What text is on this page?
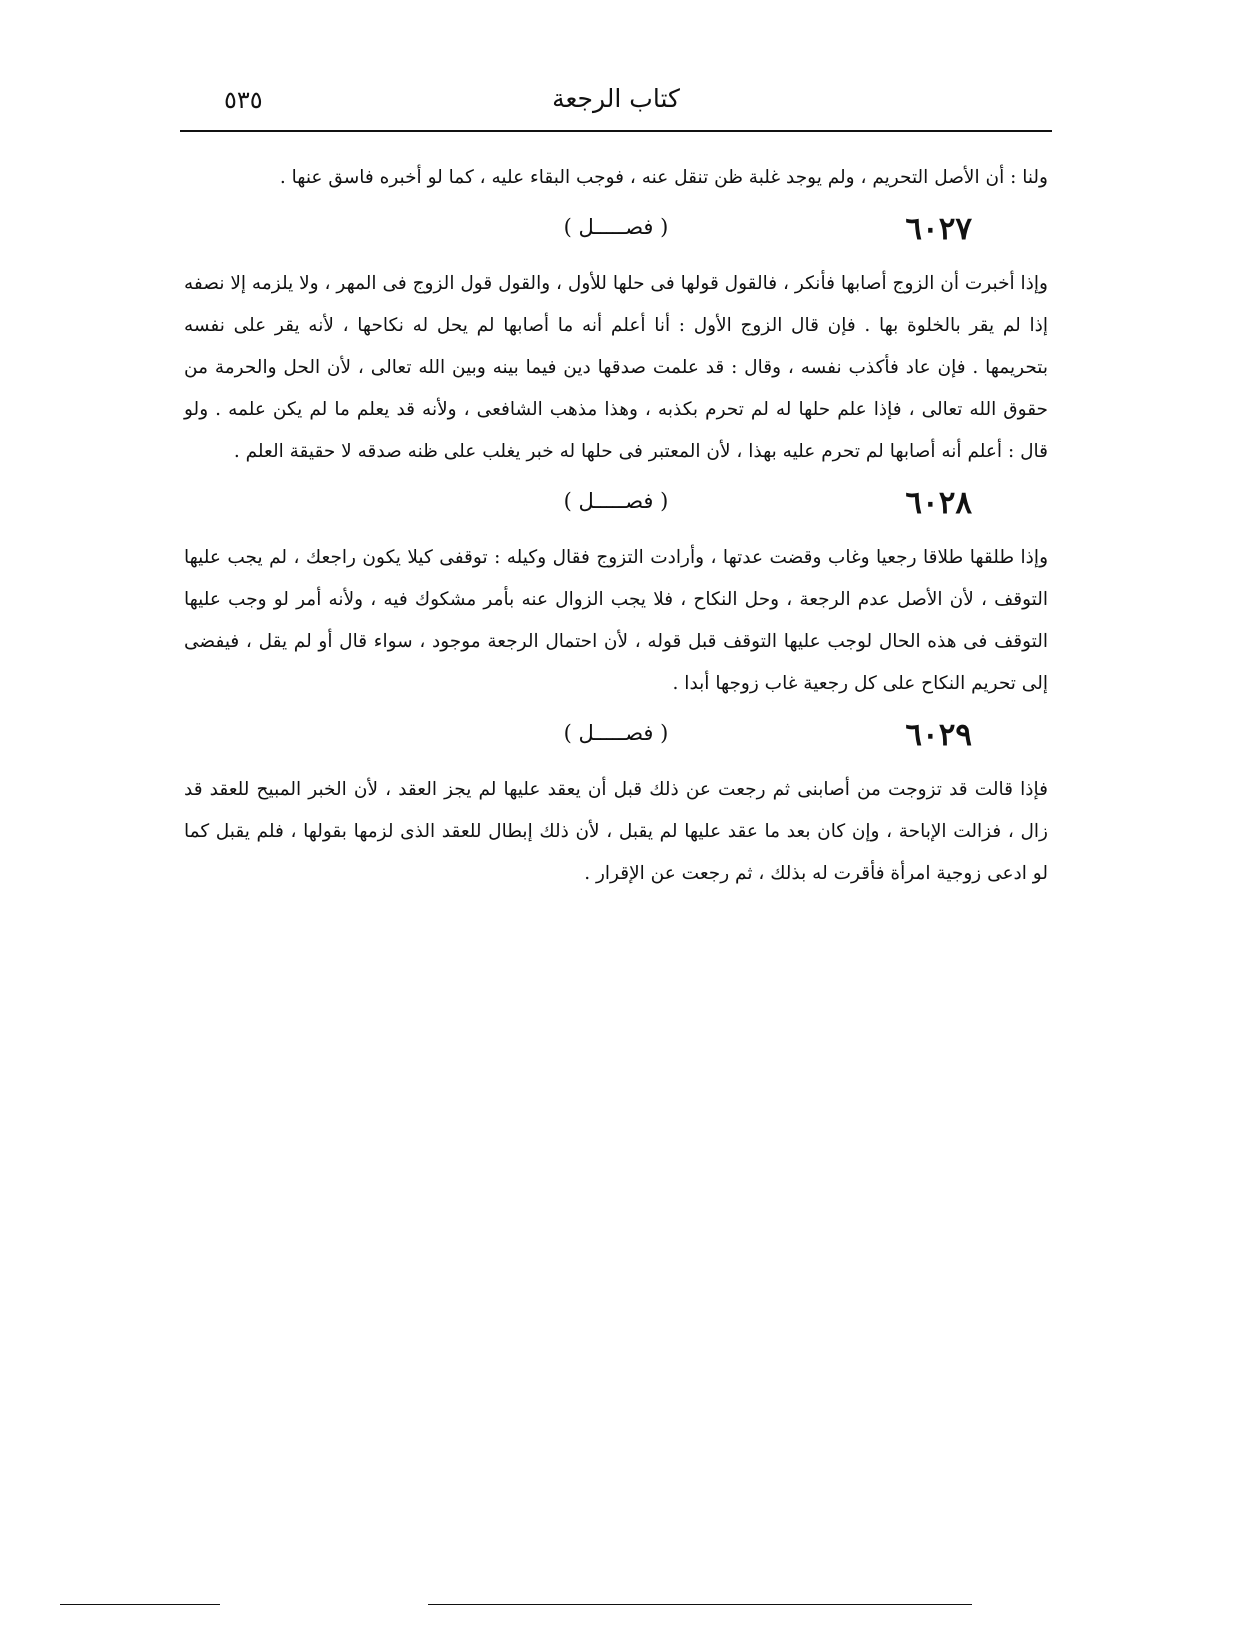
كتاب الرجعة
٥٣٥

ولنا : أن الأصل التحريم ، ولم يوجد غلبة ظن تنقل عنه ، فوجب البقاء عليه ، كما لو أخبره فاسق عنها .

٦٠٢٧
( فصـــــل )

وإذا أخبرت أن الزوج أصابها فأنكر ، فالقول قولها فى حلها للأول ، والقول قول الزوج فى المهر ، ولا يلزمه إلا نصفه إذا لم يقر بالخلوة بها . فإن قال الزوج الأول : أنا أعلم أنه ما أصابها لم يحل له نكاحها ، لأنه يقر على نفسه بتحريمها . فإن عاد فأكذب نفسه ، وقال : قد علمت صدقها دين فيما بينه وبين الله تعالى ، لأن الحل والحرمة من حقوق الله تعالى ، فإذا علم حلها له لم تحرم بكذبه ، وهذا مذهب الشافعى ، ولأنه قد يعلم ما لم يكن علمه . ولو قال : أعلم أنه أصابها لم تحرم عليه بهذا ، لأن المعتبر فى حلها له خبر يغلب على ظنه صدقه لا حقيقة العلم .

٦٠٢٨
( فصـــــل )

وإذا طلقها طلاقا رجعيا وغاب وقضت عدتها ، وأرادت التزوج فقال وكيله : توقفى كيلا يكون راجعك ، لم يجب عليها التوقف ، لأن الأصل عدم الرجعة ، وحل النكاح ، فلا يجب الزوال عنه بأمر مشكوك فيه ، ولأنه أمر لو وجب عليها التوقف فى هذه الحال لوجب عليها التوقف قبل قوله ، لأن احتمال الرجعة موجود ، سواء قال أو لم يقل ، فيفضى إلى تحريم النكاح على كل رجعية غاب زوجها أبدا .

٦٠٢٩
( فصـــــل )

فإذا قالت قد تزوجت من أصابنى ثم رجعت عن ذلك قبل أن يعقد عليها لم يجز العقد ، لأن الخبر المبيح للعقد قد زال ، فزالت الإباحة ، وإن كان بعد ما عقد عليها لم يقبل ، لأن ذلك إبطال للعقد الذى لزمها بقولها ، فلم يقبل كما لو ادعى زوجية امرأة فأقرت له بذلك ، ثم رجعت عن الإقرار .
